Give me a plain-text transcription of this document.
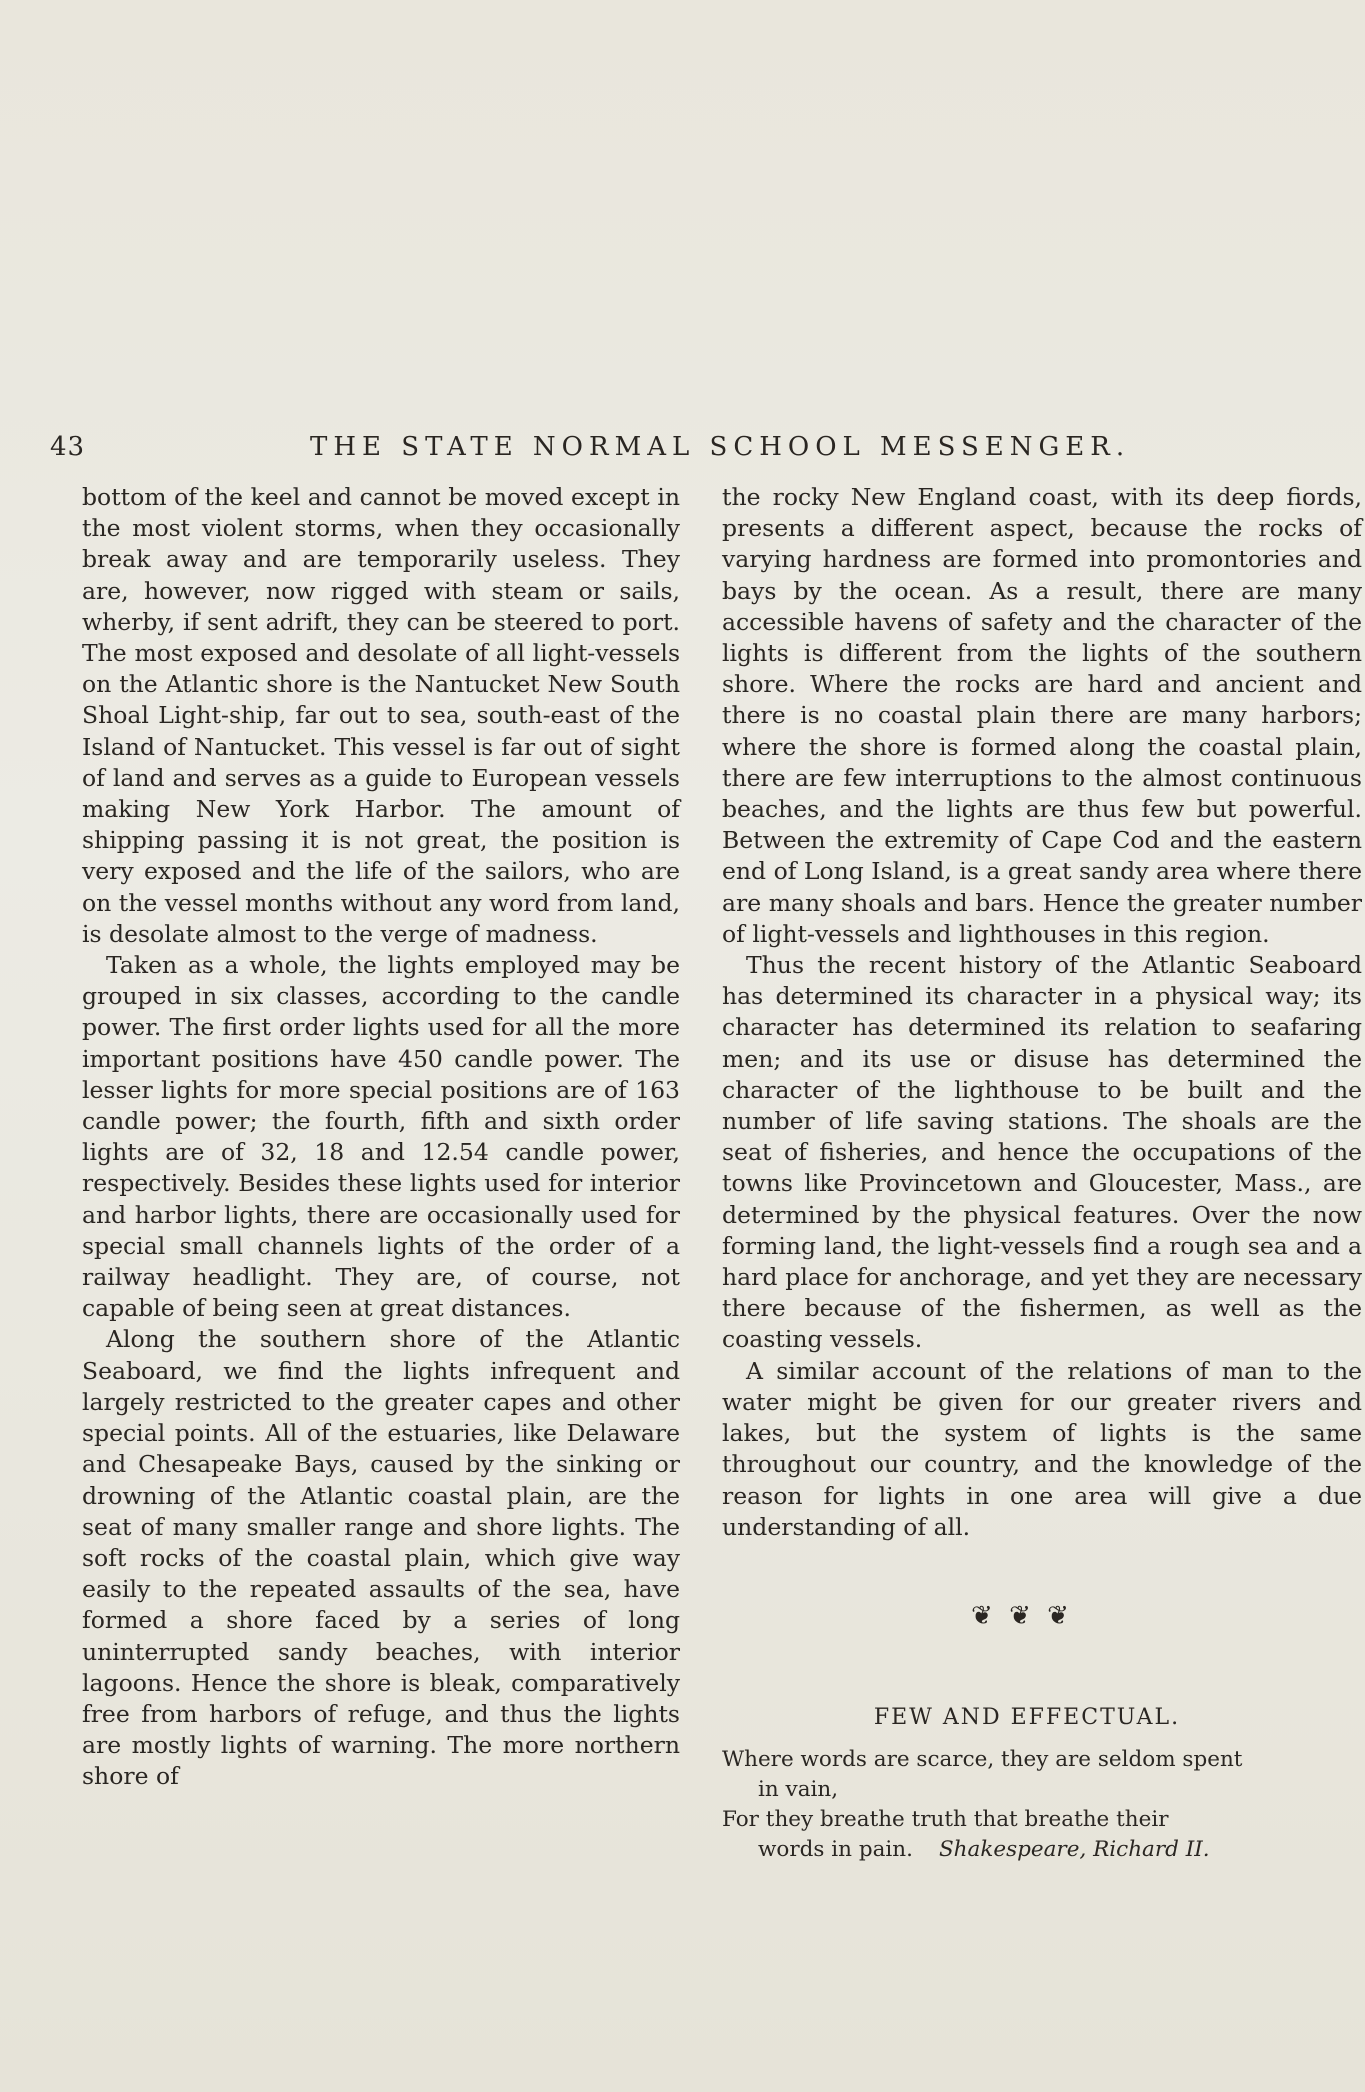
43	THE STATE NORMAL SCHOOL MESSENGER.

bottom of the keel and cannot be moved except in the most violent storms, when they occasionally break away and are temporarily useless. They are, however, now rigged with steam or sails, wherby, if sent adrift, they can be steered to port. The most exposed and desolate of all light-vessels on the Atlantic shore is the Nantucket New South Shoal Light-ship, far out to sea, south-east of the Island of Nantucket. This vessel is far out of sight of land and serves as a guide to European vessels making New York Harbor. The amount of shipping passing it is not great, the position is very exposed and the life of the sailors, who are on the vessel months without any word from land, is desolate almost to the verge of madness.

Taken as a whole, the lights employed may be grouped in six classes, according to the candle power. The first order lights used for all the more important positions have 450 candle power. The lesser lights for more special positions are of 163 candle power; the fourth, fifth and sixth order lights are of 32, 18 and 12.54 candle power, respectively. Besides these lights used for interior and harbor lights, there are occasionally used for special small channels lights of the order of a railway headlight. They are, of course, not capable of being seen at great distances.

Along the southern shore of the Atlantic Seaboard, we find the lights infrequent and largely restricted to the greater capes and other special points. All of the estuaries, like Delaware and Chesapeake Bays, caused by the sinking or drowning of the Atlantic coastal plain, are the seat of many smaller range and shore lights. The soft rocks of the coastal plain, which give way easily to the repeated assaults of the sea, have formed a shore faced by a series of long uninterrupted sandy beaches, with interior lagoons. Hence the shore is bleak, comparatively free from harbors of refuge, and thus the lights are mostly lights of warning. The more northern shore of

the rocky New England coast, with its deep fiords, presents a different aspect, because the rocks of varying hardness are formed into promontories and bays by the ocean. As a result, there are many accessible havens of safety and the character of the lights is different from the lights of the southern shore. Where the rocks are hard and ancient and there is no coastal plain there are many harbors; where the shore is formed along the coastal plain, there are few interruptions to the almost continuous beaches, and the lights are thus few but powerful. Between the extremity of Cape Cod and the eastern end of Long Island, is a great sandy area where there are many shoals and bars. Hence the greater number of light-vessels and lighthouses in this region.

Thus the recent history of the Atlantic Seaboard has determined its character in a physical way; its character has determined its relation to seafaring men; and its use or disuse has determined the character of the lighthouse to be built and the number of life saving stations. The shoals are the seat of fisheries, and hence the occupations of the towns like Provincetown and Gloucester, Mass., are determined by the physical features. Over the now forming land, the light-vessels find a rough sea and a hard place for anchorage, and yet they are necessary there because of the fishermen, as well as the coasting vessels.

A similar account of the relations of man to the water might be given for our greater rivers and lakes, but the system of lights is the same throughout our country, and the knowledge of the reason for lights in one area will give a due understanding of all.

❦ ❦ ❦
FEW AND EFFECTUAL.

Where words are scarce, they are seldom spent

in vain,

For they breathe truth that breathe their

words in pain. Shakespeare, Richard II.
